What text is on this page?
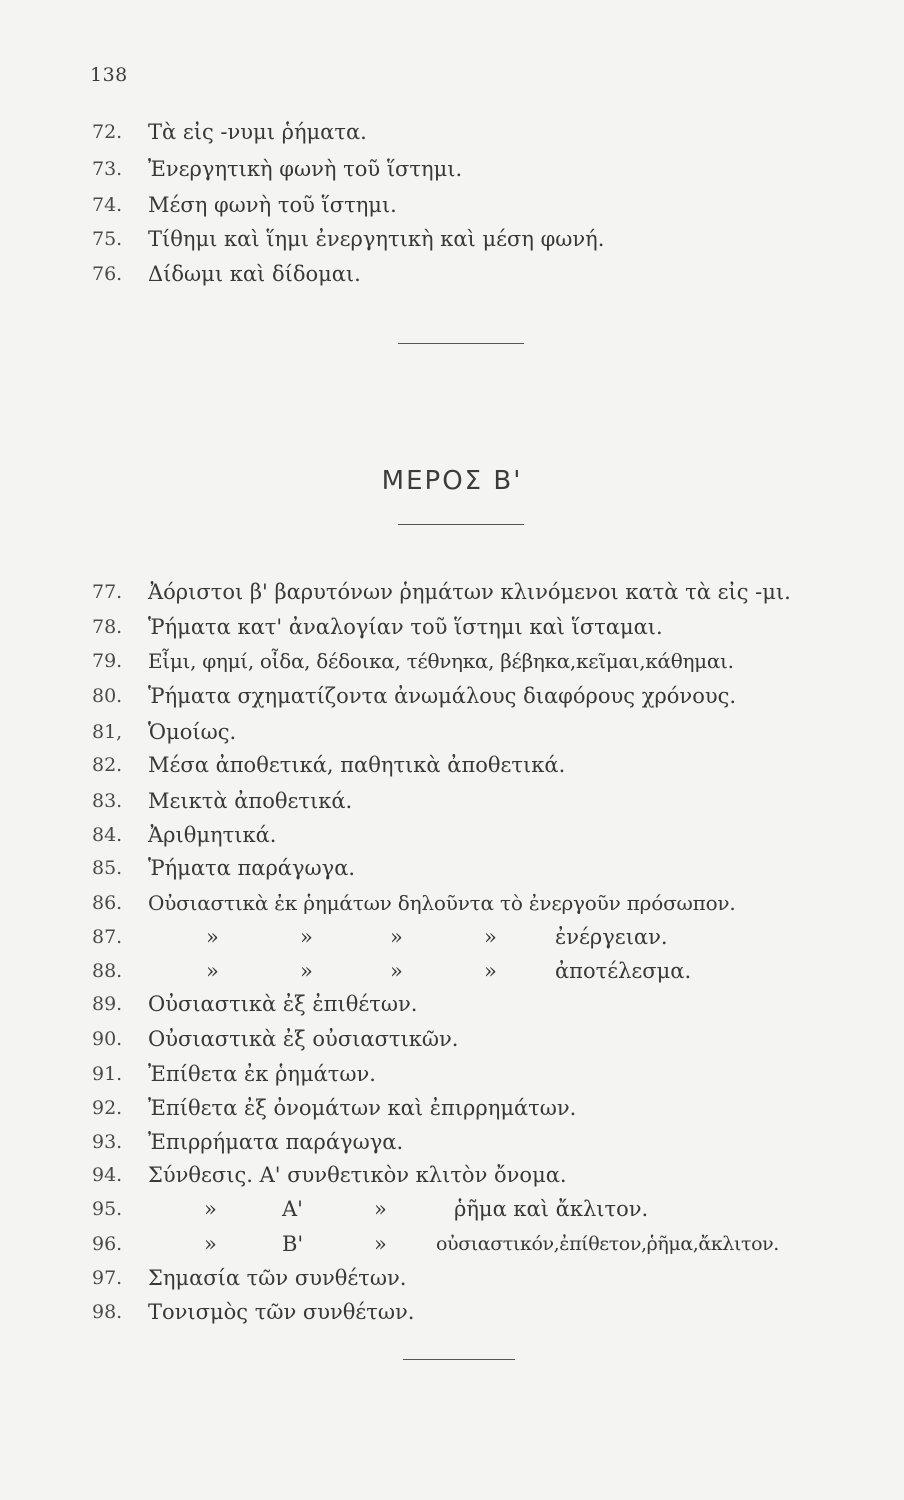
138
72.	Τὰ εἰς -νυμι ῥήματα.
73.	Ἐνεργητικὴ φωνὴ τοῦ ἵστημι.
74.	Μέση φωνὴ τοῦ ἵστημι.
75.	Τίθημι καὶ ἵημι ἐνεργητικὴ καὶ μέση φωνή.
76.	Δίδωμι καὶ δίδομαι.
ΜΕΡΟΣ Β'
77.	Ἀόριστοι β' βαρυτόνων ῥημάτων κλινόμενοι κατὰ τὰ εἰς -μι.
78.	Ῥήματα κατ' ἀναλογίαν τοῦ ἵστημι καὶ ἵσταμαι.
79.	Εἶμι, φημί, οἶδα, δέδοικα, τέθνηκα, βέβηκα,κεῖμαι,κάθημαι.
80.	Ῥήματα σχηματίζοντα ἀνωμάλους διαφόρους χρόνους.
81,	Ὁμοίως.
82.	Μέσα ἀποθετικά, παθητικὰ ἀποθετικά.
83.	Μεικτὰ ἀποθετικά.
84.	Ἀριθμητικά.
85.	Ῥήματα παράγωγα.
86.	Οὐσιαστικὰ ἐκ ῥημάτων δηλοῦντα τὸ ἐνεργοῦν πρόσωπον.
87.	»	»	»	»	ἐνέργειαν.
88.	»	»	»	»	ἀποτέλεσμα.
89.	Οὐσιαστικὰ ἐξ ἐπιθέτων.
90.	Οὐσιαστικὰ ἐξ οὐσιαστικῶν.
91.	Ἐπίθετα ἐκ ῥημάτων.
92.	Ἐπίθετα ἐξ ὀνομάτων καὶ ἐπιρρημάτων.
93.	Ἐπιρρήματα παράγωγα.
94.	Σύνθεσις. Α' συνθετικὸν κλιτὸν ὄνομα.
95.	»	Α'	»	ῥῆμα καὶ ἄκλιτον.
96.	»	Β'	»	οὐσιαστικόν,ἐπίθετον,ῥῆμα,ἄκλιτον.
97.	Σημασία τῶν συνθέτων.
98.	Τονισμὸς τῶν συνθέτων.
